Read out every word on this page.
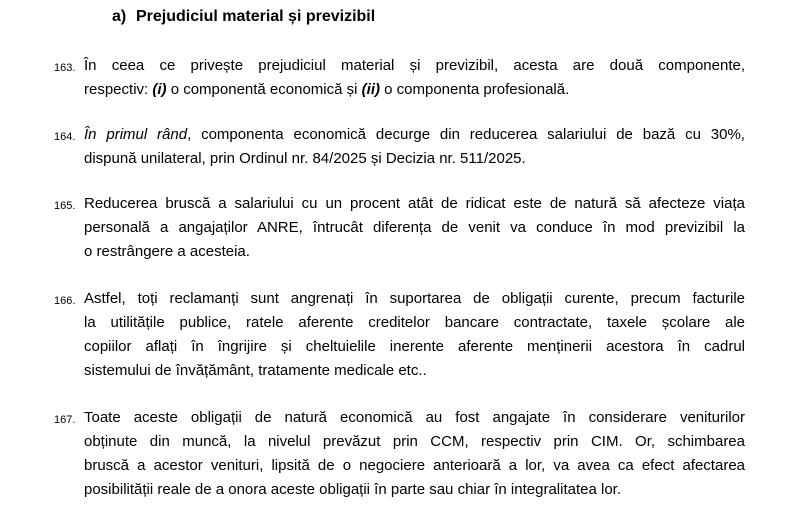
a) Prejudiciul material și previzibil
163. În ceea ce privește prejudiciul material și previzibil, acesta are două componente,
respectiv: (i) o componentă economică și (ii) o componenta profesională.
164. În primul rând, componenta economică decurge din reducerea salariului de bază cu 30%,
dispună unilateral, prin Ordinul nr. 84/2025 și Decizia nr. 511/2025.
165. Reducerea bruscă a salariului cu un procent atât de ridicat este de natură să afecteze viața
personală a angajaților ANRE, întrucât diferența de venit va conduce în mod previzibil la
o restrângere a acesteia.
166. Astfel, toți reclamanți sunt angrenați în suportarea de obligații curente, precum facturile
la utilitățile publice, ratele aferente creditelor bancare contractate, taxele școlare ale
copiilor aflați în îngrijire și cheltuielile inerente aferente menținerii acestora în cadrul
sistemului de învățământ, tratamente medicale etc..
167. Toate aceste obligații de natură economică au fost angajate în considerare veniturilor
obținute din muncă, la nivelul prevăzut prin CCM, respectiv prin CIM. Or, schimbarea
bruscă a acestor venituri, lipsită de o negociere anterioară a lor, va avea ca efect afectarea
posibilității reale de a onora aceste obligații în parte sau chiar în integralitatea lor.
